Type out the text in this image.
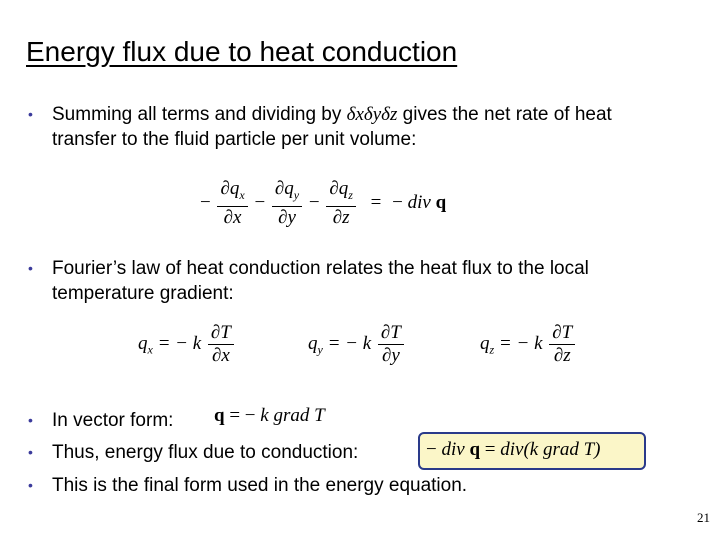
Energy flux due to heat conduction
• Summing all terms and dividing by δxδyδz gives the net rate of heat
transfer to the fluid particle per unit volume:
− $\frac{\partial q_x}{\partial x} - \frac{\partial q_y}{\partial y} - \frac{\partial q_z}{\partial z}$ = − div q
• Fourier’s law of heat conduction relates the heat flux to the local
temperature gradient:
$q_x$ = − k $\frac{\partial T}{\partial x}$	$q_y$ = − k $\frac{\partial T}{\partial y}$	$q_z$ = − k $\frac{\partial T}{\partial z}$
• In vector form: q = − k grad T
• Thus, energy flux due to conduction:	− div q = div(k grad T)
• This is the final form used in the energy equation.
21
